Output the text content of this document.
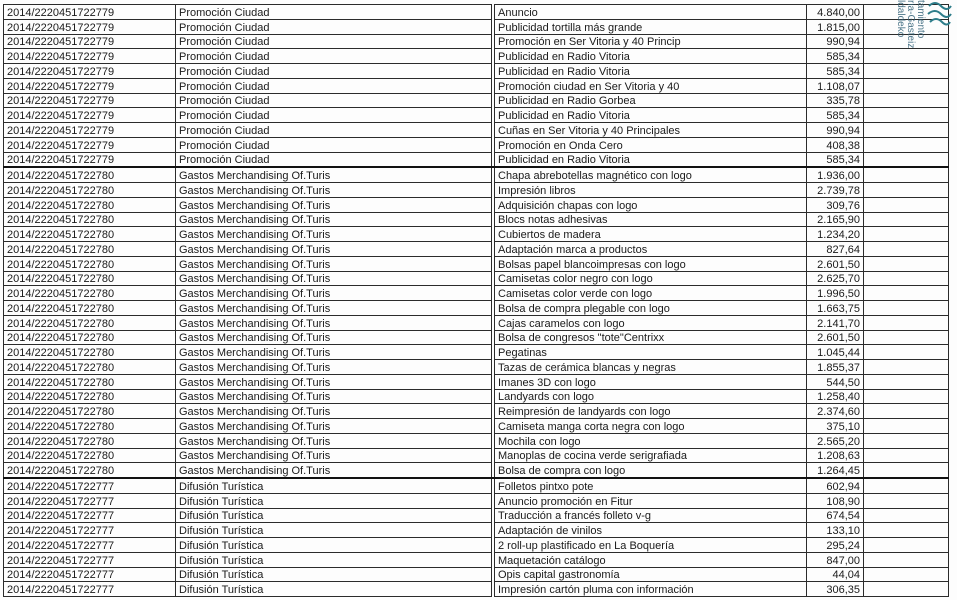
2014/2220451722779	Promoción Ciudad		Anuncio	4.840,00	
2014/2220451722779	Promoción Ciudad		Publicidad tortilla más grande	1.815,00	
2014/2220451722779	Promoción Ciudad		Promoción en Ser Vitoria y 40 Princip	990,94	
2014/2220451722779	Promoción Ciudad		Publicidad en Radio Vitoria	585,34	
2014/2220451722779	Promoción Ciudad		Publicidad en Radio Vitoria	585,34	
2014/2220451722779	Promoción Ciudad		Promoción ciudad en Ser Vitoria y 40	1.108,07	
2014/2220451722779	Promoción Ciudad		Publicidad en Radio Gorbea	335,78	
2014/2220451722779	Promoción Ciudad		Publicidad en Radio Vitoria	585,34	
2014/2220451722779	Promoción Ciudad		Cuñas en Ser Vitoria y 40 Principales	990,94	
2014/2220451722779	Promoción Ciudad		Promoción en Onda Cero	408,38	
2014/2220451722779	Promoción Ciudad		Publicidad en Radio Vitoria	585,34	
2014/2220451722780	Gastos Merchandising Of.Turis		Chapa abrebotellas magnético con logo	1.936,00	
2014/2220451722780	Gastos Merchandising Of.Turis		Impresión libros	2.739,78	
2014/2220451722780	Gastos Merchandising Of.Turis		Adquisición chapas con logo	309,76	
2014/2220451722780	Gastos Merchandising Of.Turis		Blocs notas adhesivas	2.165,90	
2014/2220451722780	Gastos Merchandising Of.Turis		Cubiertos de madera	1.234,20	
2014/2220451722780	Gastos Merchandising Of.Turis		Adaptación marca a productos	827,64	
2014/2220451722780	Gastos Merchandising Of.Turis		Bolsas papel blancoimpresas con logo	2.601,50	
2014/2220451722780	Gastos Merchandising Of.Turis		Camisetas color negro con logo	2.625,70	
2014/2220451722780	Gastos Merchandising Of.Turis		Camisetas color verde con logo	1.996,50	
2014/2220451722780	Gastos Merchandising Of.Turis		Bolsa de compra plegable con logo	1.663,75	
2014/2220451722780	Gastos Merchandising Of.Turis		Cajas caramelos con logo	2.141,70	
2014/2220451722780	Gastos Merchandising Of.Turis		Bolsa de congresos "tote"Centrixx	2.601,50	
2014/2220451722780	Gastos Merchandising Of.Turis		Pegatinas	1.045,44	
2014/2220451722780	Gastos Merchandising Of.Turis		Tazas de cerámica blancas y negras	1.855,37	
2014/2220451722780	Gastos Merchandising Of.Turis		Imanes 3D con logo	544,50	
2014/2220451722780	Gastos Merchandising Of.Turis		Landyards con logo	1.258,40	
2014/2220451722780	Gastos Merchandising Of.Turis		Reimpresión de landyards con logo	2.374,60	
2014/2220451722780	Gastos Merchandising Of.Turis		Camiseta manga corta negra con logo	375,10	
2014/2220451722780	Gastos Merchandising Of.Turis		Mochila con logo	2.565,20	
2014/2220451722780	Gastos Merchandising Of.Turis		Manoplas de cocina verde serigrafiada	1.208,63	
2014/2220451722780	Gastos Merchandising Of.Turis		Bolsa de compra con logo	1.264,45	
2014/2220451722777	Difusión Turística		Folletos pintxo pote	602,94	
2014/2220451722777	Difusión Turística		Anuncio promoción en Fitur	108,90	
2014/2220451722777	Difusión Turística		Traducción a francés folleto v-g	674,54	
2014/2220451722777	Difusión Turística		Adaptación de vinilos	133,10	
2014/2220451722777	Difusión Turística		2 roll-up plastificado en La Boquería	295,24	
2014/2220451722777	Difusión Turística		Maquetación catálogo	847,00	
2014/2220451722777	Difusión Turística		Opis capital gastronomía	44,04	
2014/2220451722777	Difusión Turística		Impresión cartón pluma con información	306,35	
tamiento
ria-Gasteiz
ldaldeko
